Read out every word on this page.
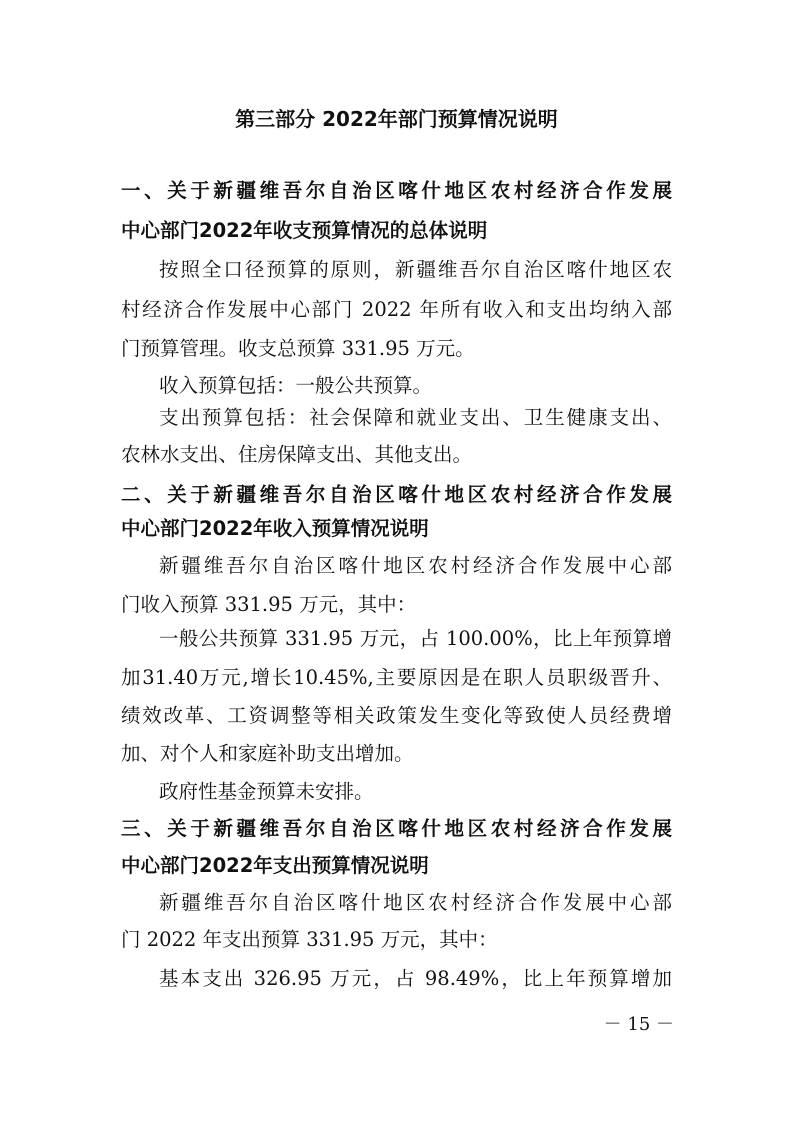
第三部分 2022年部门预算情况说明
一、关于新疆维吾尔自治区喀什地区农村经济合作发展
中心部门2022年收支预算情况的总体说明
按照全口径预算的原则，新疆维吾尔自治区喀什地区农
村经济合作发展中心部门 2022 年所有收入和支出均纳入部
门预算管理。收支总预算 331.95 万元。
收入预算包括：一般公共预算。
支出预算包括：社会保障和就业支出、卫生健康支出、
农林水支出、住房保障支出、其他支出。
二、关于新疆维吾尔自治区喀什地区农村经济合作发展
中心部门2022年收入预算情况说明
新疆维吾尔自治区喀什地区农村经济合作发展中心部
门收入预算 331.95 万元，其中：
一般公共预算 331.95 万元，占 100.00%，比上年预算增
加31.40万元,增长10.45%,主要原因是在职人员职级晋升、
绩效改革、工资调整等相关政策发生变化等致使人员经费增
加、对个人和家庭补助支出增加。
政府性基金预算未安排。
三、关于新疆维吾尔自治区喀什地区农村经济合作发展
中心部门2022年支出预算情况说明
新疆维吾尔自治区喀什地区农村经济合作发展中心部
门 2022 年支出预算 331.95 万元，其中：
基本支出 326.95 万元，占 98.49%，比上年预算增加
－ 15 －
